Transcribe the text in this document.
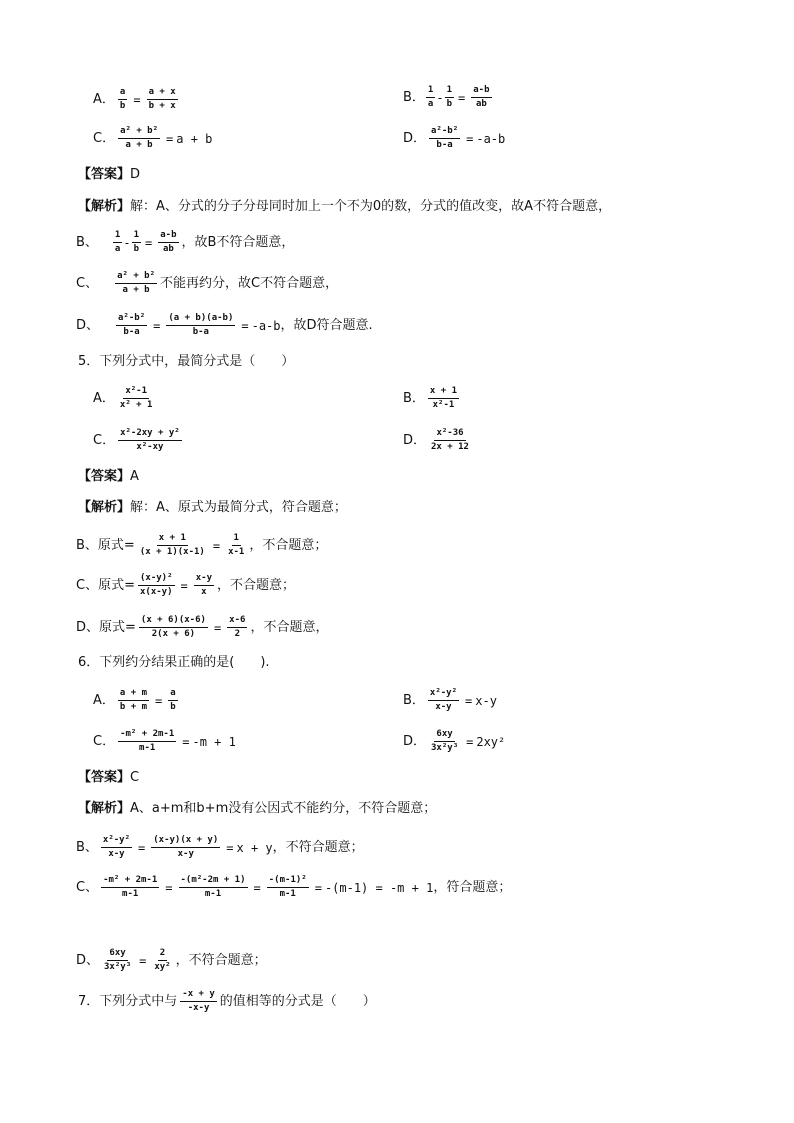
A． $\frac{a}{b} = \frac{a + x}{b + x}$	B． $\frac{1}{a} - \frac{1}{b} = \frac{a-b}{ab}$
C． $\frac{\text{a² + b²}}{a + b} = a + b$	D． $\frac{\text{a²-b²}}{b-a} = -a-b$
【答案】 D
【解析】 解：A、分式的分子分母同时加上一个不为0的数，分式的值改变，故A不符合题意，
B、 $\frac{1}{a} - \frac{1}{b} = \frac{a-b}{ab}$ ，故B不符合题意，
C、 $\frac{\text{a² + b²}}{a + b}$ 不能再约分，故C不符合题意，
D、 $\frac{\text{a²-b²}}{b-a} = \frac{(a + b)(a-b)}{b-a} = -a-b$ ，故D符合题意.
5．下列分式中，最简分式是（　　）
A． $\frac{\text{x²-1}}{\text{x² + 1}}$	B． $\frac{x + 1}{\text{x²-1}}$
C． $\frac{\text{x²-2xy + y²}}{\text{x²-xy}}$	D． $\frac{\text{x²-36}}{2x + 12}$
【答案】 A
【解析】 解：A、原式为最简分式，符合题意；
B、原式= $\frac{x + 1}{(x + 1)(x-1)} = \frac{1}{x-1}$ ，不合题意；
C、原式= $\frac{\text{(x-y)²}}{x(x-y)} = \frac{x-y}{x}$ ，不合题意；
D、原式= $\frac{(x + 6)(x-6)}{2(x + 6)} = \frac{x-6}{2}$ ，不合题意，
6．下列约分结果正确的是(　　).
A． $\frac{a + m}{b + m} = \frac{a}{b}$	B． $\frac{\text{x²-y²}}{x-y} = x-y$
C． $\frac{\text{-m² + 2m-1}}{m-1} = -m + 1$	D． $\frac{6xy}{\text{3x²y³}} = 2xy^2$
【答案】 C
【解析】 A、a+m和b+m没有公因式不能约分，不符合题意；
B、 $\frac{\text{x²-y²}}{x-y} = \frac{(x-y)(x + y)}{x-y} = x + y$ ，不符合题意；
C、 $\frac{\text{-m² + 2m-1}}{m-1} = \frac{\text{-(m²-2m + 1)}}{m-1} = \frac{\text{-(m-1)²}}{m-1} = -(m-1) = -m + 1$ ，符合题意；
D、 $\frac{6xy}{\text{3x²y³}} = \frac{2}{\text{xy²}}$ ，不符合题意；
7．下列分式中与 $\frac{-x + y}{-x-y}$ 的值相等的分式是（　　）
